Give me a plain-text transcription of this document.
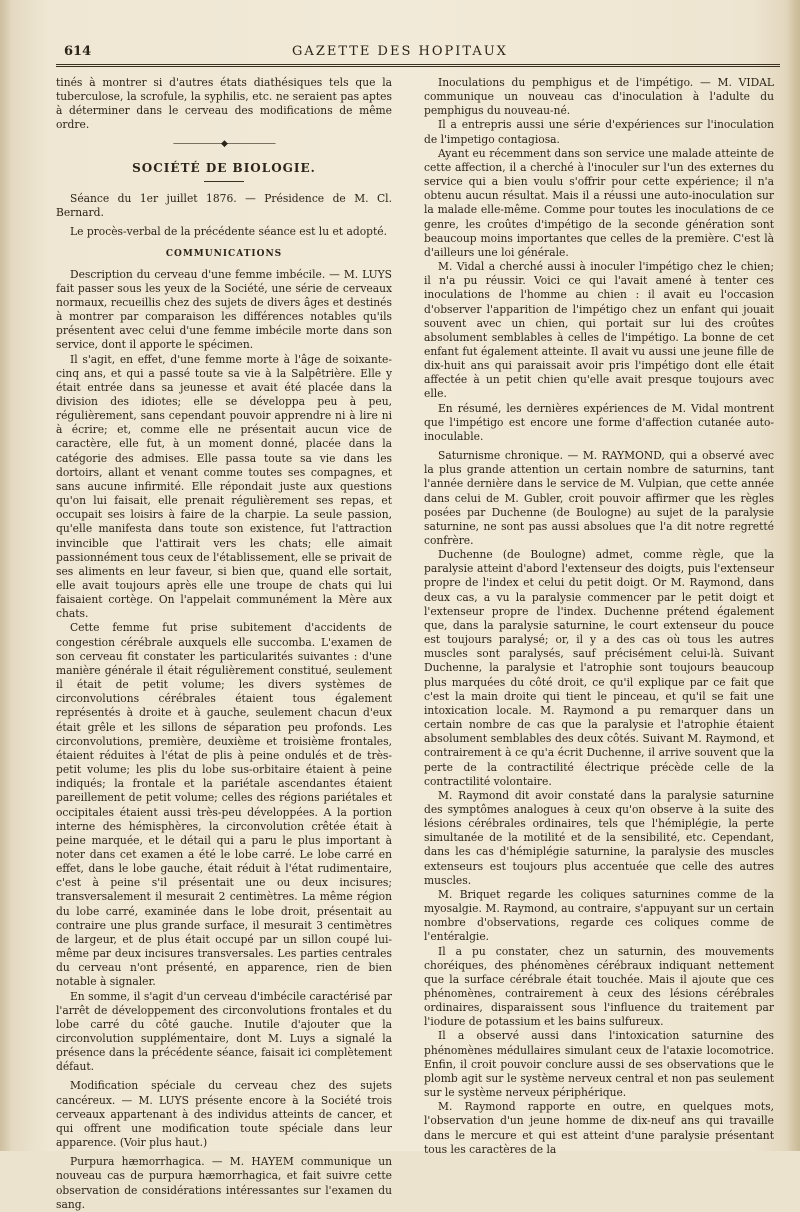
614	GAZETTE DES HOPITAUX

tinés à montrer si d'autres états diathésiques tels que la tuberculose, la scrofule, la syphilis, etc. ne seraient pas aptes à déterminer dans le cerveau des modifications de même ordre.

——————◆——————
SOCIÉTÉ DE BIOLOGIE.

Séance du 1er juillet 1876. — Présidence de M. Cl. Bernard.

Le procès-verbal de la précédente séance est lu et adopté.

COMMUNICATIONS

Description du cerveau d'une femme imbécile. — M. LUYS fait passer sous les yeux de la Société, une série de cerveaux normaux, recueillis chez des sujets de divers âges et destinés à montrer par comparaison les différences notables qu'ils présentent avec celui d'une femme imbécile morte dans son service, dont il apporte le spécimen.

Il s'agit, en effet, d'une femme morte à l'âge de soixante-cinq ans, et qui a passé toute sa vie à la Salpêtrière. Elle y était entrée dans sa jeunesse et avait été placée dans la division des idiotes; elle se développa peu à peu, régulièrement, sans cependant pouvoir apprendre ni à lire ni à écrire; et, comme elle ne présentait aucun vice de caractère, elle fut, à un moment donné, placée dans la catégorie des admises. Elle passa toute sa vie dans les dortoirs, allant et venant comme toutes ses compagnes, et sans aucune infirmité. Elle répondait juste aux questions qu'on lui faisait, elle prenait régulièrement ses repas, et occupait ses loisirs à faire de la charpie. La seule passion, qu'elle manifesta dans toute son existence, fut l'attraction invincible que l'attirait vers les chats; elle aimait passionnément tous ceux de l'établissement, elle se privait de ses aliments en leur faveur, si bien que, quand elle sortait, elle avait toujours après elle une troupe de chats qui lui faisaient cortège. On l'appelait communément la Mère aux chats.

Cette femme fut prise subitement d'accidents de congestion cérébrale auxquels elle succomba. L'examen de son cerveau fit constater les particularités suivantes : d'une manière générale il était régulièrement constitué, seulement il était de petit volume; les divers systèmes de circonvolutions cérébrales étaient tous également représentés à droite et à gauche, seulement chacun d'eux était grêle et les sillons de séparation peu profonds. Les circonvolutions, première, deuxième et troisième frontales, étaient réduites à l'état de plis à peine ondulés et de très-petit volume; les plis du lobe sus-orbitaire étaient à peine indiqués; la frontale et la pariétale ascendantes étaient pareillement de petit volume; celles des régions pariétales et occipitales étaient aussi très-peu développées. A la portion interne des hémisphères, la circonvolution crêtée était à peine marquée, et le détail qui a paru le plus important à noter dans cet examen a été le lobe carré. Le lobe carré en effet, dans le lobe gauche, était réduit à l'état rudimentaire, c'est à peine s'il présentait une ou deux incisures; transversalement il mesurait 2 centimètres. La même région du lobe carré, examinée dans le lobe droit, présentait au contraire une plus grande surface, il mesurait 3 centimètres de largeur, et de plus était occupé par un sillon coupé lui-même par deux incisures transversales. Les parties centrales du cerveau n'ont présenté, en apparence, rien de bien notable à signaler.

En somme, il s'agit d'un cerveau d'imbécile caractérisé par l'arrêt de développement des circonvolutions frontales et du lobe carré du côté gauche. Inutile d'ajouter que la circonvolution supplémentaire, dont M. Luys a signalé la présence dans la précédente séance, faisait ici complètement défaut.

Modification spéciale du cerveau chez des sujets cancéreux. — M. LUYS présente encore à la Société trois cerveaux appartenant à des individus atteints de cancer, et qui offrent une modification toute spéciale dans leur apparence. (Voir plus haut.)

Purpura hæmorrhagica. — M. HAYEM communique un nouveau cas de purpura hæmorrhagica, et fait suivre cette observation de considérations intéressantes sur l'examen du sang.

Inoculations du pemphigus et de l'impétigo. — M. VIDAL communique un nouveau cas d'inoculation à l'adulte du pemphigus du nouveau-né.

Il a entrepris aussi une série d'expériences sur l'inoculation de l'impetigo contagiosa.

Ayant eu récemment dans son service une malade atteinte de cette affection, il a cherché à l'inoculer sur l'un des externes du service qui a bien voulu s'offrir pour cette expérience; il n'a obtenu aucun résultat. Mais il a réussi une auto-inoculation sur la malade elle-même. Comme pour toutes les inoculations de ce genre, les croûtes d'impétigo de la seconde génération sont beaucoup moins importantes que celles de la première. C'est là d'ailleurs une loi générale.

M. Vidal a cherché aussi à inoculer l'impétigo chez le chien; il n'a pu réussir. Voici ce qui l'avait amené à tenter ces inoculations de l'homme au chien : il avait eu l'occasion d'observer l'apparition de l'impétigo chez un enfant qui jouait souvent avec un chien, qui portait sur lui des croûtes absolument semblables à celles de l'impétigo. La bonne de cet enfant fut également atteinte. Il avait vu aussi une jeune fille de dix-huit ans qui paraissait avoir pris l'impétigo dont elle était affectée à un petit chien qu'elle avait presque toujours avec elle.

En résumé, les dernières expériences de M. Vidal montrent que l'impétigo est encore une forme d'affection cutanée auto-inoculable.

Saturnisme chronique. — M. RAYMOND, qui a observé avec la plus grande attention un certain nombre de saturnins, tant l'année dernière dans le service de M. Vulpian, que cette année dans celui de M. Gubler, croit pouvoir affirmer que les règles posées par Duchenne (de Boulogne) au sujet de la paralysie saturnine, ne sont pas aussi absolues que l'a dit notre regretté confrère.

Duchenne (de Boulogne) admet, comme règle, que la paralysie atteint d'abord l'extenseur des doigts, puis l'extenseur propre de l'index et celui du petit doigt. Or M. Raymond, dans deux cas, a vu la paralysie commencer par le petit doigt et l'extenseur propre de l'index. Duchenne prétend également que, dans la paralysie saturnine, le court extenseur du pouce est toujours paralysé; or, il y a des cas où tous les autres muscles sont paralysés, sauf précisément celui-là. Suivant Duchenne, la paralysie et l'atrophie sont toujours beaucoup plus marquées du côté droit, ce qu'il explique par ce fait que c'est la main droite qui tient le pinceau, et qu'il se fait une intoxication locale. M. Raymond a pu remarquer dans un certain nombre de cas que la paralysie et l'atrophie étaient absolument semblables des deux côtés. Suivant M. Raymond, et contrairement à ce qu'a écrit Duchenne, il arrive souvent que la perte de la contractilité électrique précède celle de la contractilité volontaire.

M. Raymond dit avoir constaté dans la paralysie saturnine des symptômes analogues à ceux qu'on observe à la suite des lésions cérébrales ordinaires, tels que l'hémiplégie, la perte simultanée de la motilité et de la sensibilité, etc. Cependant, dans les cas d'hémiplégie saturnine, la paralysie des muscles extenseurs est toujours plus accentuée que celle des autres muscles.

M. Briquet regarde les coliques saturnines comme de la myosalgie. M. Raymond, au contraire, s'appuyant sur un certain nombre d'observations, regarde ces coliques comme de l'entéralgie.

Il a pu constater, chez un saturnin, des mouvements choréiques, des phénomènes cérébraux indiquant nettement que la surface cérébrale était touchée. Mais il ajoute que ces phénomènes, contrairement à ceux des lésions cérébrales ordinaires, disparaissent sous l'influence du traitement par l'iodure de potassium et les bains sulfureux.

Il a observé aussi dans l'intoxication saturnine des phénomènes médullaires simulant ceux de l'ataxie locomotrice. Enfin, il croit pouvoir conclure aussi de ses observations que le plomb agit sur le système nerveux central et non pas seulement sur le système nerveux périphérique.

M. Raymond rapporte en outre, en quelques mots, l'observation d'un jeune homme de dix-neuf ans qui travaille dans le mercure et qui est atteint d'une paralysie présentant tous les caractères de la
